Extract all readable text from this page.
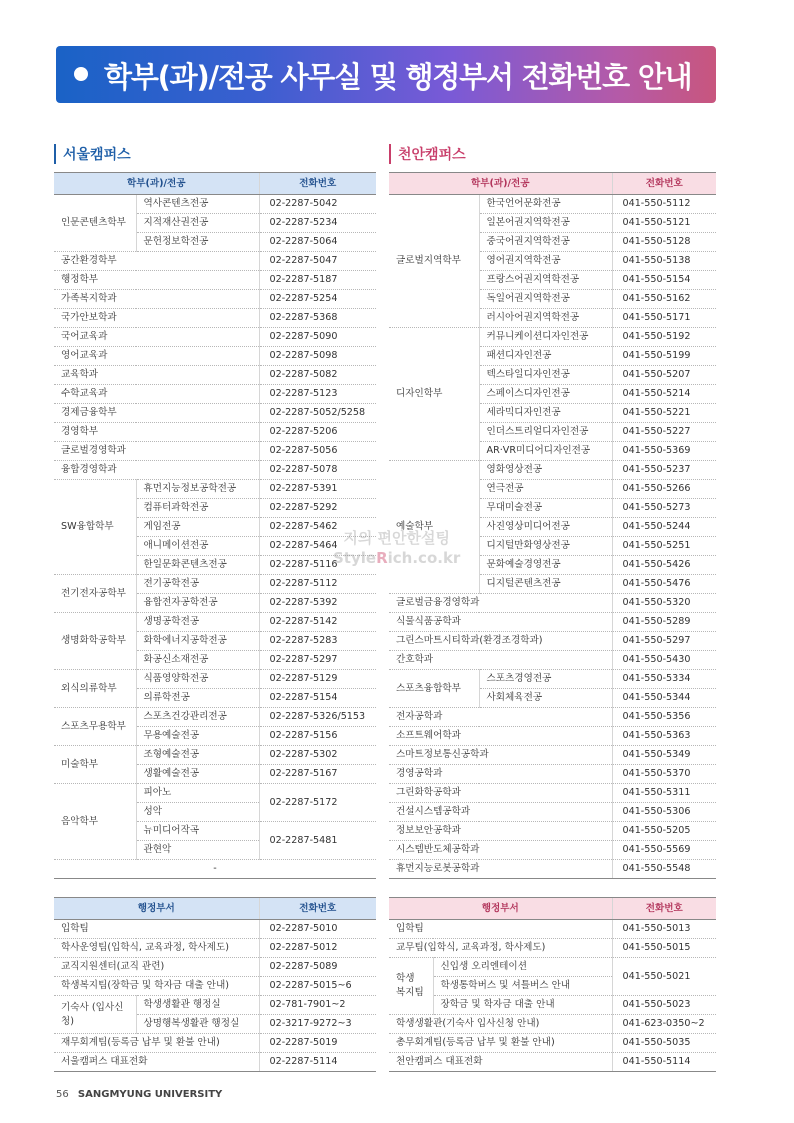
학부(과)/전공 사무실 및 행정부서 전화번호 안내
서울캠퍼스	천안캠퍼스
학부(과)/전공		전화번호
인문콘텐츠학부	역사콘텐츠전공	02-2287-5042
	지적재산권전공	02-2287-5234
	문헌정보학전공	02-2287-5064
공간환경학부		02-2287-5047
행정학부		02-2287-5187
가족복지학과		02-2287-5254
국가안보학과		02-2287-5368
국어교육과		02-2287-5090
영어교육과		02-2287-5098
교육학과		02-2287-5082
수학교육과		02-2287-5123
경제금융학부		02-2287-5052/5258
경영학부		02-2287-5206
글로벌경영학과		02-2287-5056
융합경영학과		02-2287-5078
SW융합학부	휴먼지능정보공학전공	02-2287-5391
	컴퓨터과학전공	02-2287-5292
	게임전공	02-2287-5462
	애니메이션전공	02-2287-5464
	한일문화콘텐츠전공	02-2287-5116
전기전자공학부	전기공학전공	02-2287-5112
	융합전자공학전공	02-2287-5392
생명화학공학부	생명공학전공	02-2287-5142
	화학에너지공학전공	02-2287-5283
	화공신소재전공	02-2287-5297
외식의류학부	식품영양학전공	02-2287-5129
	의류학전공	02-2287-5154
스포츠무용학부	스포츠건강관리전공	02-2287-5326/5153
	무용예술전공	02-2287-5156
미술학부	조형예술전공	02-2287-5302
	생활예술전공	02-2287-5167
음악학부	피아노	02-2287-5172
	성악	
	뉴미디어작곡	02-2287-5481
	관현악	
-		
행정부서		전화번호
입학팀		02-2287-5010
학사운영팀(입학식, 교육과정, 학사제도)		02-2287-5012
교직지원센터(교직 관련)		02-2287-5089
학생복지팀(장학금 및 학자금 대출 안내)		02-2287-5015~6
기숙사 (입사신청)	학생생활관 행정실	02-781-7901~2
	상명행복생활관 행정실	02-3217-9272~3
재무회계팀(등록금 납부 및 환불 안내)		02-2287-5019
서울캠퍼스 대표전화		02-2287-5114
학부(과)/전공		전화번호
글로벌지역학부	한국언어문화전공	041-550-5112
	일본어권지역학전공	041-550-5121
	중국어권지역학전공	041-550-5128
	영어권지역학전공	041-550-5138
	프랑스어권지역학전공	041-550-5154
	독일어권지역학전공	041-550-5162
	러시아어권지역학전공	041-550-5171
디자인학부	커뮤니케이션디자인전공	041-550-5192
	패션디자인전공	041-550-5199
	텍스타일디자인전공	041-550-5207
	스페이스디자인전공	041-550-5214
	세라믹디자인전공	041-550-5221
	인더스트리얼디자인전공	041-550-5227
	AR·VR미디어디자인전공	041-550-5369
예술학부	영화영상전공	041-550-5237
	연극전공	041-550-5266
	무대미술전공	041-550-5273
	사진영상미디어전공	041-550-5244
	디지털만화영상전공	041-550-5251
	문화예술경영전공	041-550-5426
	디지털콘텐츠전공	041-550-5476
글로벌금융경영학과		041-550-5320
식물식품공학과		041-550-5289
그린스마트시티학과(환경조경학과)		041-550-5297
간호학과		041-550-5430
스포츠융합학부	스포츠경영전공	041-550-5334
	사회체육전공	041-550-5344
전자공학과		041-550-5356
소프트웨어학과		041-550-5363
스마트정보통신공학과		041-550-5349
경영공학과		041-550-5370
그린화학공학과		041-550-5311
건설시스템공학과		041-550-5306
정보보안공학과		041-550-5205
시스템반도체공학과		041-550-5569
휴먼지능로봇공학과		041-550-5548
행정부서		전화번호
입학팀		041-550-5013
교무팀(입학식, 교육과정, 학사제도)		041-550-5015
학생 복지팀	신입생 오리엔테이션	041-550-5021
	학생통학버스 및 셔틀버스 안내	
	장학금 및 학자금 대출 안내	041-550-5023
학생생활관(기숙사 입사신청 안내)		041-623-0350~2
총무회계팀(등록금 납부 및 환불 안내)		041-550-5035
천안캠퍼스 대표전화		041-550-5114
지의 편안한설팅
StyleRich.co.kr
56 SANGMYUNG UNIVERSITY
